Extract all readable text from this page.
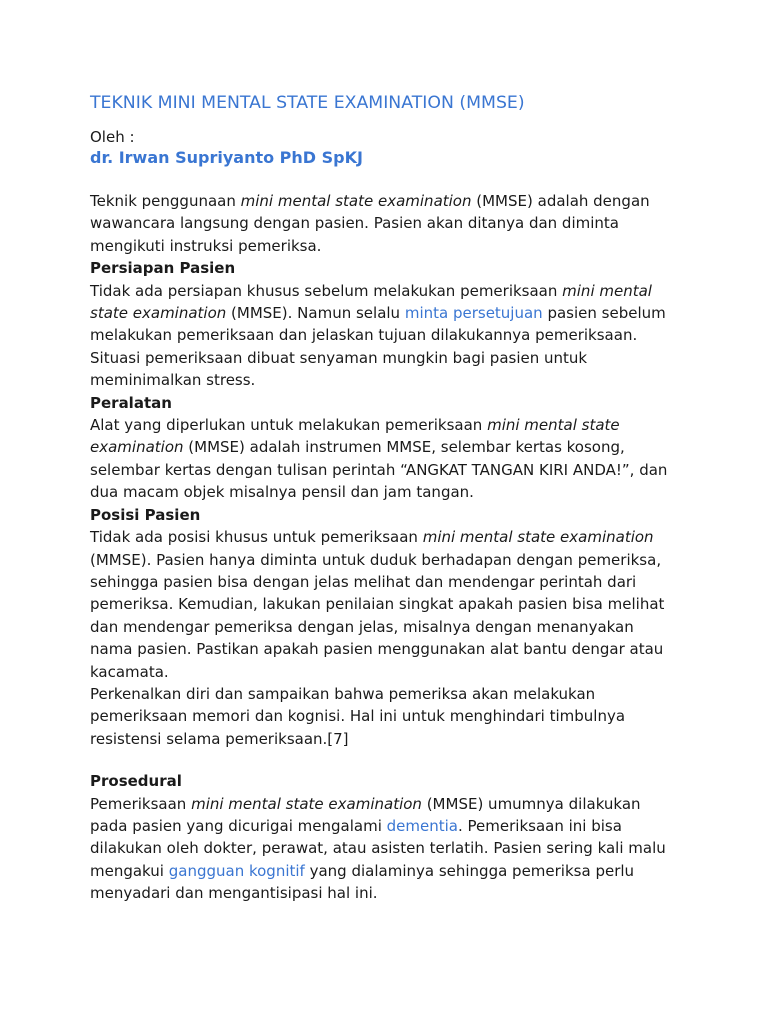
TEKNIK MINI MENTAL STATE EXAMINATION (MMSE)
Oleh :
dr. Irwan Supriyanto PhD SpKJ

Teknik penggunaan mini mental state examination (MMSE) adalah dengan wawancara langsung dengan pasien. Pasien akan ditanya dan diminta mengikuti instruksi pemeriksa.

Persiapan Pasien

Tidak ada persiapan khusus sebelum melakukan pemeriksaan mini mental state examination (MMSE). Namun selalu minta persetujuan pasien sebelum melakukan pemeriksaan dan jelaskan tujuan dilakukannya pemeriksaan. Situasi pemeriksaan dibuat senyaman mungkin bagi pasien untuk meminimalkan stress.

Peralatan

Alat yang diperlukan untuk melakukan pemeriksaan mini mental state examination (MMSE) adalah instrumen MMSE, selembar kertas kosong, selembar kertas dengan tulisan perintah “ANGKAT TANGAN KIRI ANDA!”, dan dua macam objek misalnya pensil dan jam tangan.

Posisi Pasien

Tidak ada posisi khusus untuk pemeriksaan mini mental state examination (MMSE). Pasien hanya diminta untuk duduk berhadapan dengan pemeriksa, sehingga pasien bisa dengan jelas melihat dan mendengar perintah dari pemeriksa. Kemudian, lakukan penilaian singkat apakah pasien bisa melihat dan mendengar pemeriksa dengan jelas, misalnya dengan menanyakan nama pasien. Pastikan apakah pasien menggunakan alat bantu dengar atau kacamata.

Perkenalkan diri dan sampaikan bahwa pemeriksa akan melakukan pemeriksaan memori dan kognisi. Hal ini untuk menghindari timbulnya resistensi selama pemeriksaan.[7]

Prosedural

Pemeriksaan mini mental state examination (MMSE) umumnya dilakukan pada pasien yang dicurigai mengalami dementia. Pemeriksaan ini bisa dilakukan oleh dokter, perawat, atau asisten terlatih. Pasien sering kali malu mengakui gangguan kognitif yang dialaminya sehingga pemeriksa perlu menyadari dan mengantisipasi hal ini.
